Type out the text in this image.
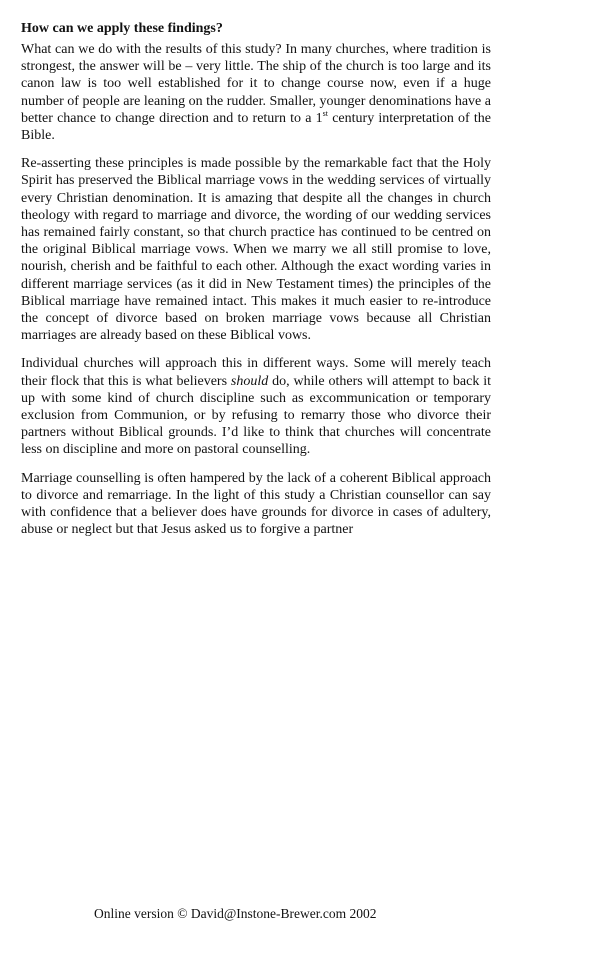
How can we apply these findings?

What can we do with the results of this study? In many churches, where tradition is strongest, the answer will be – very little. The ship of the church is too large and its canon law is too well established for it to change course now, even if a huge number of people are leaning on the rudder. Smaller, younger denominations have a better chance to change direction and to return to a 1st century interpretation of the Bible.

Re-asserting these principles is made possible by the remarkable fact that the Holy Spirit has preserved the Biblical marriage vows in the wedding services of virtually every Christian denomination. It is amazing that despite all the changes in church theology with regard to marriage and divorce, the wording of our wedding services has remained fairly constant, so that church practice has continued to be centred on the original Biblical marriage vows. When we marry we all still promise to love, nourish, cherish and be faithful to each other. Although the exact wording varies in different marriage services (as it did in New Testament times) the principles of the Biblical marriage have remained intact. This makes it much easier to re-introduce the concept of divorce based on broken marriage vows because all Christian marriages are already based on these Biblical vows.

Individual churches will approach this in different ways. Some will merely teach their flock that this is what believers should do, while others will attempt to back it up with some kind of church discipline such as excommunication or temporary exclusion from Communion, or by refusing to remarry those who divorce their partners without Biblical grounds. I’d like to think that churches will concentrate less on discipline and more on pastoral counselling.

Marriage counselling is often hampered by the lack of a coherent Biblical approach to divorce and remarriage. In the light of this study a Christian counsellor can say with confidence that a believer does have grounds for divorce in cases of adultery, abuse or neglect but that Jesus asked us to forgive a partner

Online version © David@Instone-Brewer.com 2002
